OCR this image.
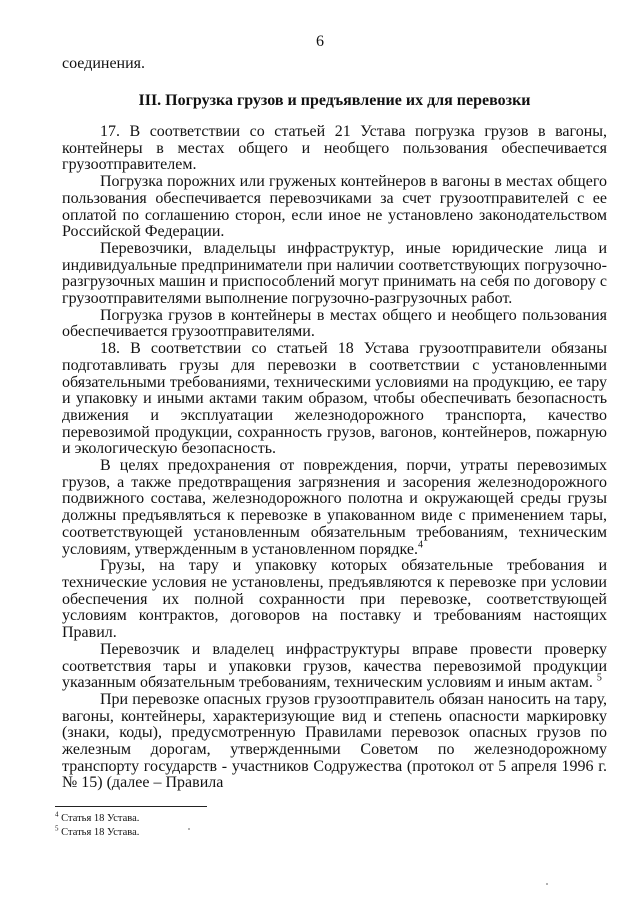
6
соединения.
III. Погрузка грузов и предъявление их для перевозки

17. В соответствии со статьей 21 Устава погрузка грузов в вагоны, контейнеры в местах общего и необщего пользования обеспечивается грузоотправителем.

Погрузка порожних или груженых контейнеров в вагоны в местах общего пользования обеспечивается перевозчиками за счет грузоотправителей с ее оплатой по соглашению сторон, если иное не установлено законодательством Российской Федерации.

Перевозчики, владельцы инфраструктур, иные юридические лица и индивидуальные предприниматели при наличии соответствующих погрузочно-разгрузочных машин и приспособлений могут принимать на себя по договору с грузоотправителями выполнение погрузочно-разгрузочных работ.

Погрузка грузов в контейнеры в местах общего и необщего пользования обеспечивается грузоотправителями.

18. В соответствии со статьей 18 Устава грузоотправители обязаны подготавливать грузы для перевозки в соответствии с установленными обязательными требованиями, техническими условиями на продукцию, ее тару и упаковку и иными актами таким образом, чтобы обеспечивать безопасность движения и эксплуатации железнодорожного транспорта, качество перевозимой продукции, сохранность грузов, вагонов, контейнеров, пожарную и экологическую безопасность.

В целях предохранения от повреждения, порчи, утраты перевозимых грузов, а также предотвращения загрязнения и засорения железнодорожного подвижного состава, железнодорожного полотна и окружающей среды грузы должны предъявляться к перевозке в упакованном виде с применением тары, соответствующей установленным обязательным требованиям, техническим условиям, утвержденным в установленном порядке.$^4$

Грузы, на тару и упаковку которых обязательные требования и технические условия не установлены, предъявляются к перевозке при условии обеспечения их полной сохранности при перевозке, соответствующей условиям контрактов, договоров на поставку и требованиям настоящих Правил.

Перевозчик и владелец инфраструктуры вправе провести проверку соответствия тары и упаковки грузов, качества перевозимой продукции указанным обязательным требованиям, техническим условиям и иным актам. $^5$

При перевозке опасных грузов грузоотправитель обязан наносить на тару, вагоны, контейнеры, характеризующие вид и степень опасности маркировку (знаки, коды), предусмотренную Правилами перевозок опасных грузов по железным дорогам, утвержденными Советом по железнодорожному транспорту государств - участников Содружества (протокол от 5 апреля 1996 г. № 15) (далее – Правила

$^4$ Статья 18 Устава.
$^5$ Статья 18 Устава.
